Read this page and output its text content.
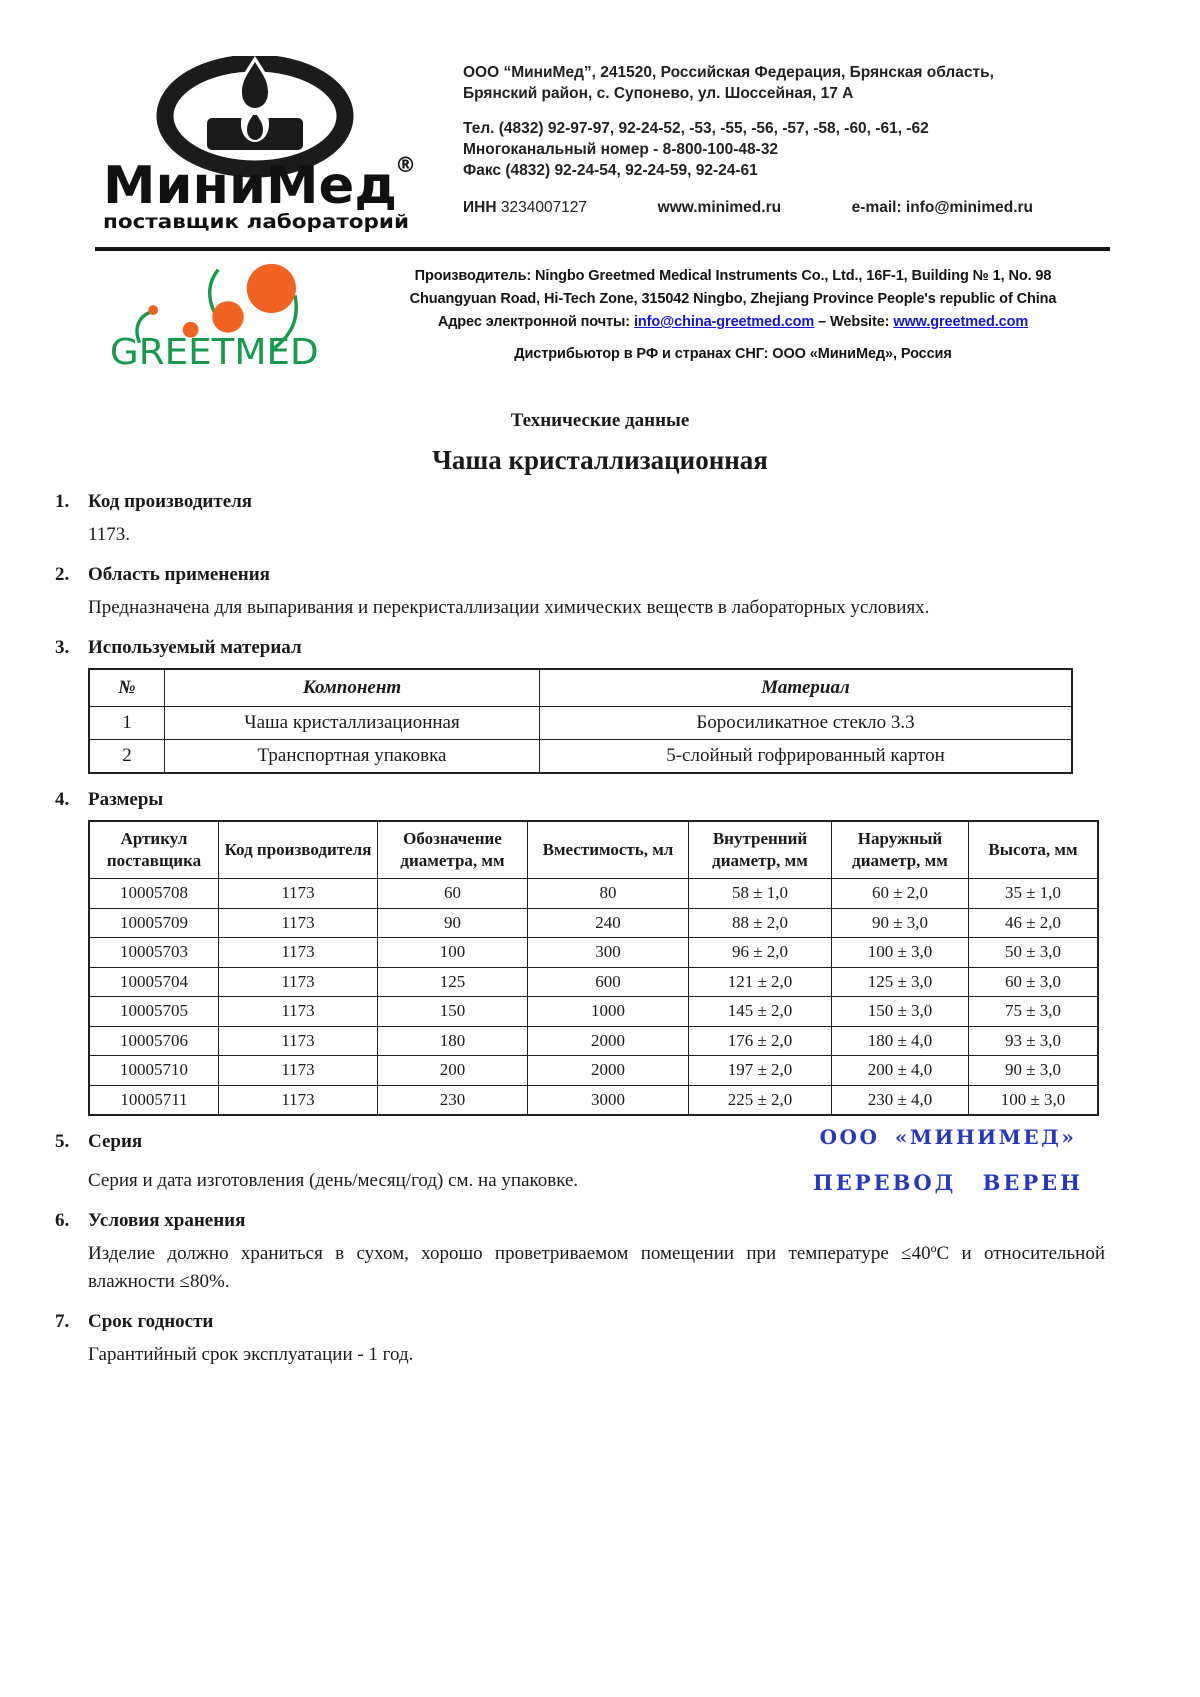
МиниМед
®
поставщик лабораторий
ООО “МиниМед”, 241520, Российская Федерация, Брянская область,
Брянский район, с. Супонево, ул. Шоссейная, 17 А
Тел. (4832) 92-97-97, 92-24-52, -53, -55, -56, -57, -58, -60, -61, -62
Многоканальный номер - 8-800-100-48-32
Факс (4832) 92-24-54, 92-24-59, 92-24-61
ИНН 3234007127	www.minimed.ru	e-mail: info@minimed.ru
GREETMED
Производитель: Ningbo Greetmed Medical Instruments Co., Ltd., 16F-1, Building № 1, No. 98
Chuangyuan Road, Hi-Tech Zone, 315042 Ningbo, Zhejiang Province People's republic of China
Адрес электронной почты: info@china-greetmed.com – Website: www.greetmed.com
Дистрибьютор в РФ и странах СНГ: ООО «МиниМед», Россия
Технические данные
Чаша кристаллизационная
1. Код производителя
1173.
2. Область применения
Предназначена для выпаривания и перекристаллизации химических веществ в лабораторных условиях.
3. Используемый материал
№	Компонент	Материал
1	Чаша кристаллизационная	Боросиликатное стекло 3.3
2	Транспортная упаковка	5-слойный гофрированный картон
4. Размеры
Артикул поставщика	Код производителя	Обозначение диаметра, мм	Вместимость, мл	Внутренний диаметр, мм	Наружный диаметр, мм	Высота, мм
10005708	1173	60	80	58 ± 1,0	60 ± 2,0	35 ± 1,0
10005709	1173	90	240	88 ± 2,0	90 ± 3,0	46 ± 2,0
10005703	1173	100	300	96 ± 2,0	100 ± 3,0	50 ± 3,0
10005704	1173	125	600	121 ± 2,0	125 ± 3,0	60 ± 3,0
10005705	1173	150	1000	145 ± 2,0	150 ± 3,0	75 ± 3,0
10005706	1173	180	2000	176 ± 2,0	180 ± 4,0	93 ± 3,0
10005710	1173	200	2000	197 ± 2,0	200 ± 4,0	90 ± 3,0
10005711	1173	230	3000	225 ± 2,0	230 ± 4,0	100 ± 3,0
5. Серия
Серия и дата изготовления (день/месяц/год) см. на упаковке.
ООО «МИНИМЕД»
ПЕРЕВОД ВЕРЕН
6. Условия хранения
Изделие должно храниться в сухом, хорошо проветриваемом помещении при температуре ≤40ºС и относительной влажности ≤80%.
7. Срок годности
Гарантийный срок эксплуатации - 1 год.
